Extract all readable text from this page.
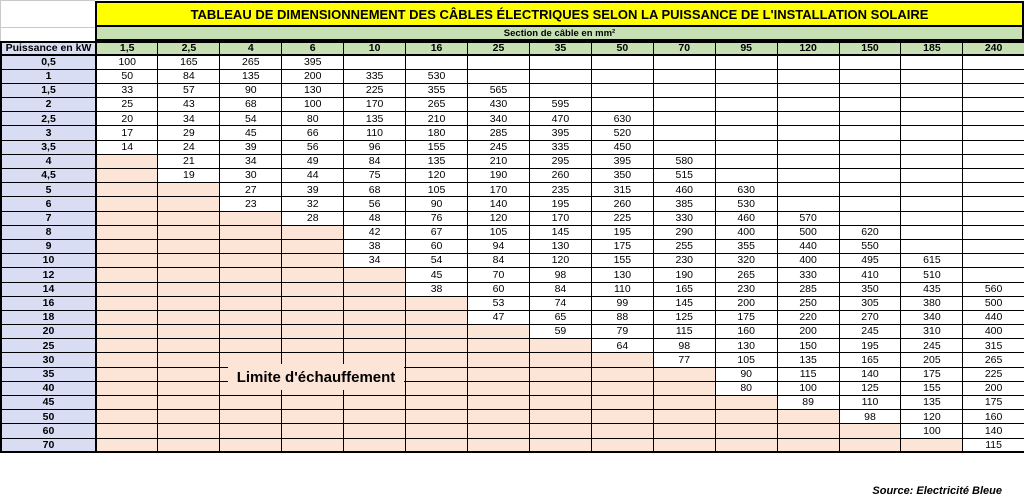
TABLEAU DE DIMENSIONNEMENT DES CÂBLES ÉLECTRIQUES SELON LA PUISSANCE DE L'INSTALLATION SOLAIRE
Section de câble en mm²
Puissance en kW	1,5	2,5	4	6	10	16	25	35	50	70	95	120	150	185	240
0,5	100	165	265	395											
1	50	84	135	200	335	530									
1,5	33	57	90	130	225	355	565								
2	25	43	68	100	170	265	430	595							
2,5	20	34	54	80	135	210	340	470	630						
3	17	29	45	66	110	180	285	395	520						
3,5	14	24	39	56	96	155	245	335	450						
4		21	34	49	84	135	210	295	395	580					
4,5		19	30	44	75	120	190	260	350	515					
5			27	39	68	105	170	235	315	460	630				
6			23	32	56	90	140	195	260	385	530				
7				28	48	76	120	170	225	330	460	570			
8					42	67	105	145	195	290	400	500	620		
9					38	60	94	130	175	255	355	440	550		
10					34	54	84	120	155	230	320	400	495	615	
12						45	70	98	130	190	265	330	410	510	
14						38	60	84	110	165	230	285	350	435	560
16							53	74	99	145	200	250	305	380	500
18							47	65	88	125	175	220	270	340	440
20								59	79	115	160	200	245	310	400
25									64	98	130	150	195	245	315
30										77	105	135	165	205	265
35											90	115	140	175	225
40											80	100	125	155	200
45												89	110	135	175
50													98	120	160
60														100	140
70															115
Limite d'échauffement
Source: Electricité Bleue
